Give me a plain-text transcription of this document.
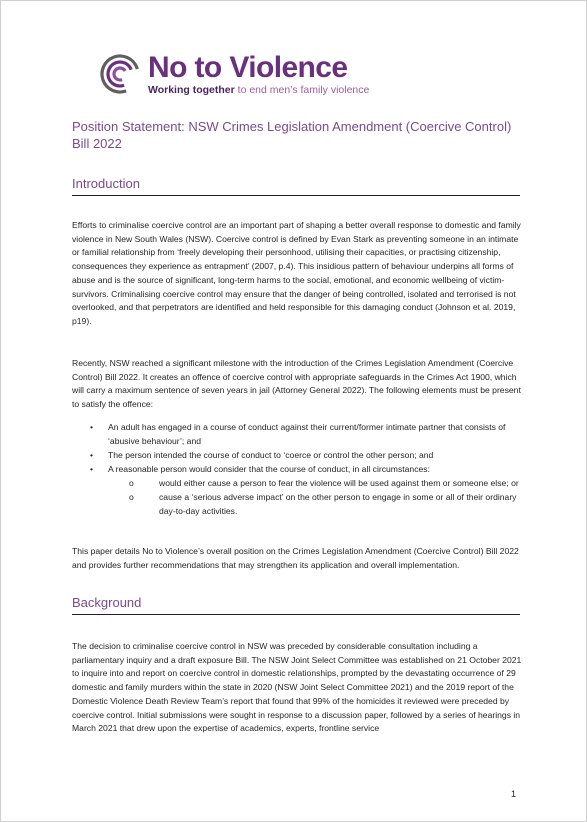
No to Violence
Working together to end men’s family violence
Position Statement: NSW Crimes Legislation Amendment (Coercive Control) Bill 2022
Introduction

Efforts to criminalise coercive control are an important part of shaping a better overall response to domestic and family violence in New South Wales (NSW). Coercive control is defined by Evan Stark as preventing someone in an intimate or familial relationship from ‘freely developing their personhood, utilising their capacities, or practising citizenship, consequences they experience as entrapment’ (2007, p.4). This insidious pattern of behaviour underpins all forms of abuse and is the source of significant, long-term harms to the social, emotional, and economic wellbeing of victim-survivors. Criminalising coercive control may ensure that the danger of being controlled, isolated and terrorised is not overlooked, and that perpetrators are identified and held responsible for this damaging conduct (Johnson et al. 2019, p19).

Recently, NSW reached a significant milestone with the introduction of the Crimes Legislation Amendment (Coercive Control) Bill 2022. It creates an offence of coercive control with appropriate safeguards in the Crimes Act 1900, which will carry a maximum sentence of seven years in jail (Attorney General 2022). The following elements must be present to satisfy the offence:

• An adult has engaged in a course of conduct against their current/former intimate partner that consists of ‘abusive behaviour’; and
• The person intended the course of conduct to ‘coerce or control the other person; and
• A reasonable person would consider that the course of conduct, in all circumstances:
o	would either cause a person to fear the violence will be used against them or someone else; or
o	cause a ‘serious adverse impact’ on the other person to engage in some or all of their ordinary day-to-day activities.

This paper details No to Violence’s overall position on the Crimes Legislation Amendment (Coercive Control) Bill 2022 and provides further recommendations that may strengthen its application and overall implementation.

Background

The decision to criminalise coercive control in NSW was preceded by considerable consultation including a parliamentary inquiry and a draft exposure Bill. The NSW Joint Select Committee was established on 21 October 2021 to inquire into and report on coercive control in domestic relationships, prompted by the devastating occurrence of 29 domestic and family murders within the state in 2020 (NSW Joint Select Committee 2021) and the 2019 report of the Domestic Violence Death Review Team’s report that found that 99% of the homicides it reviewed were preceded by coercive control. Initial submissions were sought in response to a discussion paper, followed by a series of hearings in March 2021 that drew upon the expertise of academics, experts, frontline service

1
